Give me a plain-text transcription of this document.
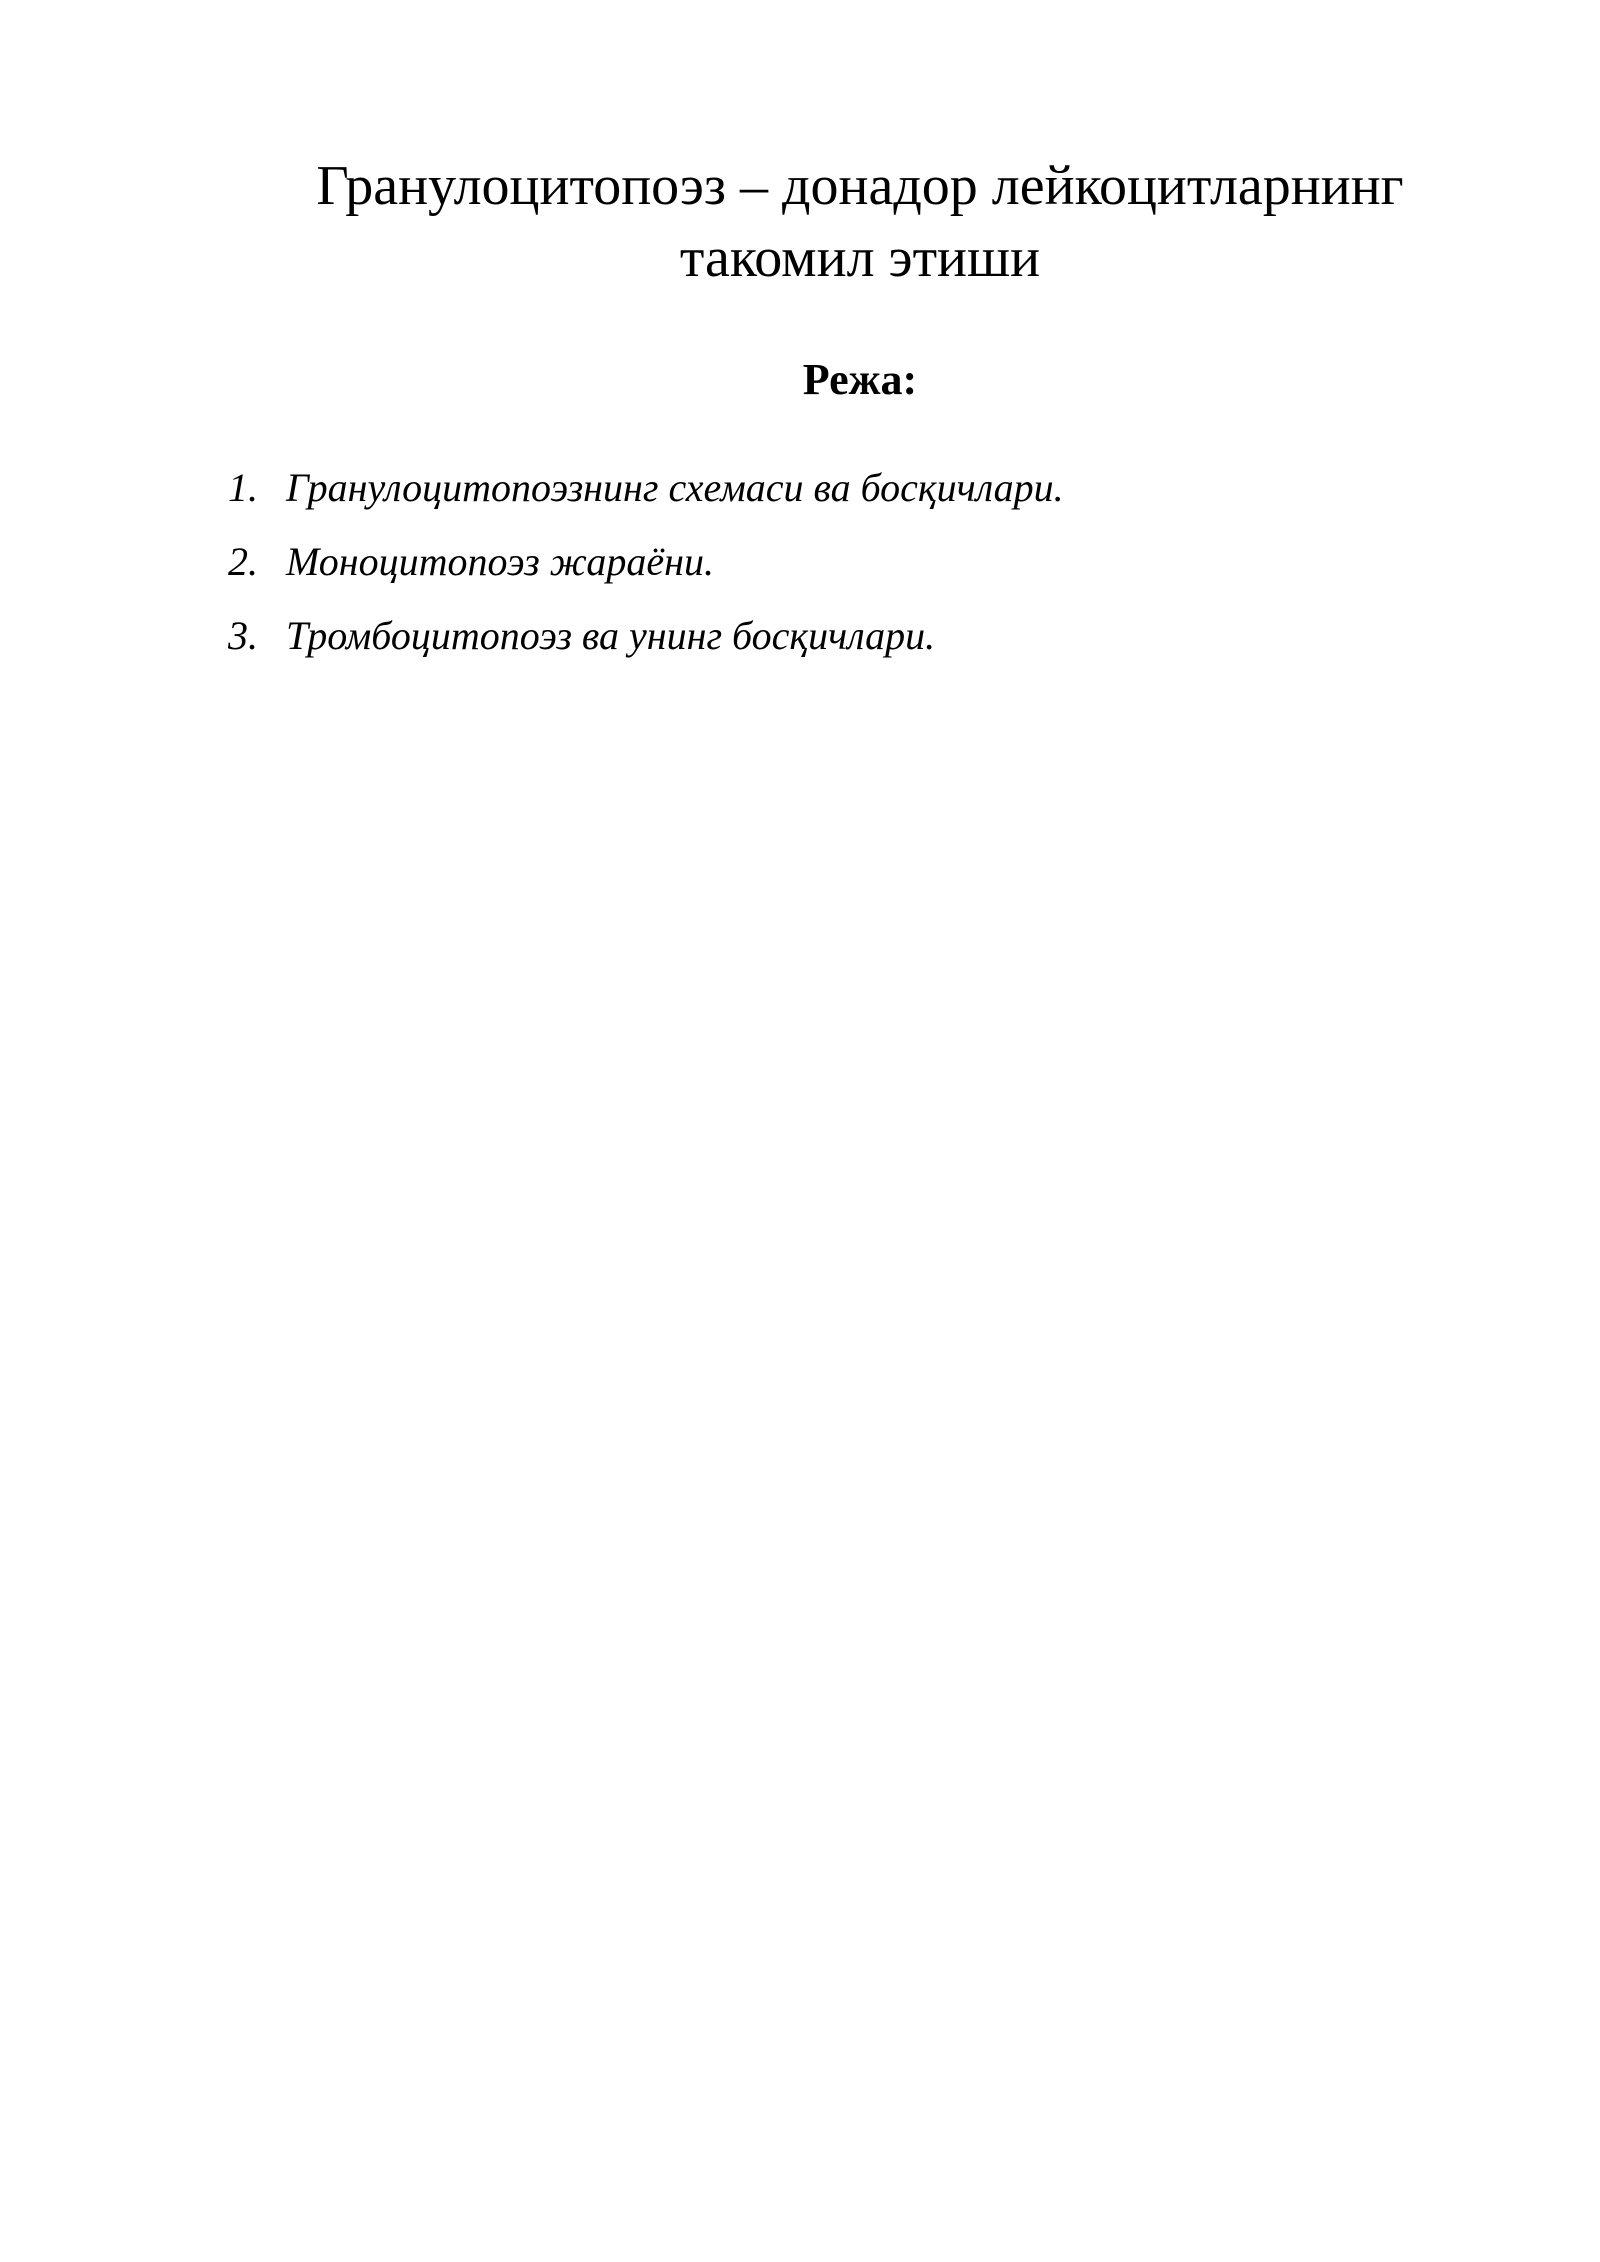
Гранулоцитопоэз – донадор лейкоцитларнинг
такомил этиши
Режа:
1. Гранулоцитопоэзнинг схемаси ва босқичлари.
2. Моноцитопоэз жараёни.
3. Тромбоцитопоэз ва унинг босқичлари.
